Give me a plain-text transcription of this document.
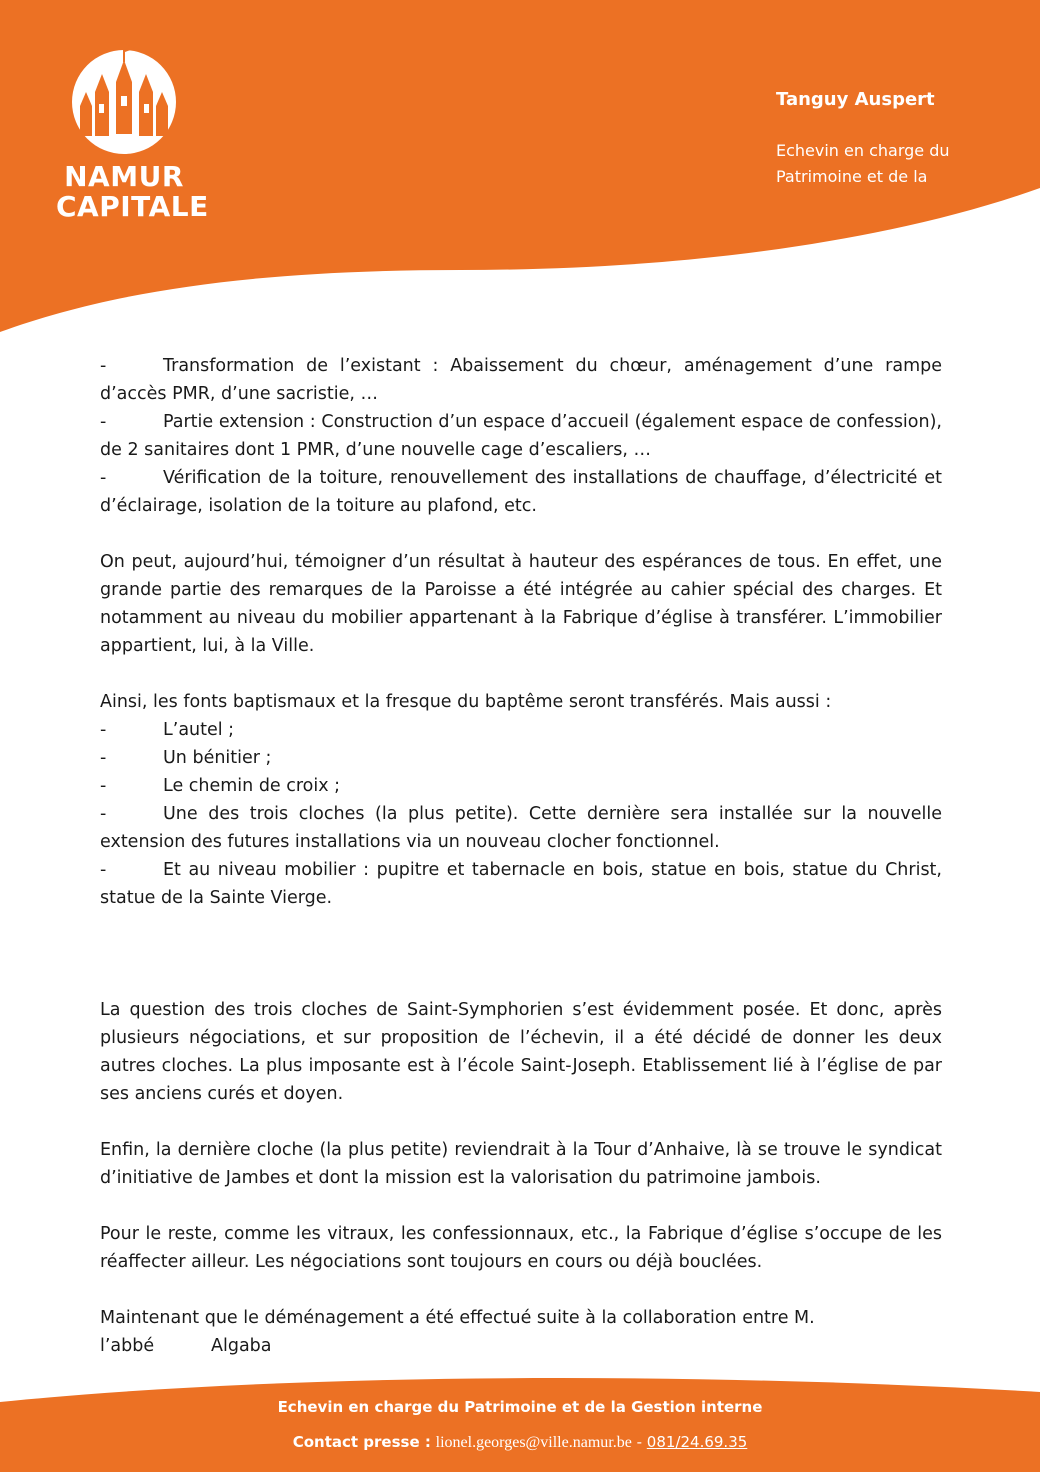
NAMUR
CAPITALE
Tanguy Auspert
Echevin en charge du
Patrimoine et de la

-	Transformation de l’existant : Abaissement du chœur, aménagement d’une rampe d’accès PMR, d’une sacristie, …

-	Partie extension : Construction d’un espace d’accueil (également espace de confession), de 2 sanitaires dont 1 PMR, d’une nouvelle cage d’escaliers, …

-	Vérification de la toiture, renouvellement des installations de chauffage, d’électricité et d’éclairage, isolation de la toiture au plafond, etc.

On peut, aujourd’hui, témoigner d’un résultat à hauteur des espérances de tous. En effet, une grande partie des remarques de la Paroisse a été intégrée au cahier spécial des charges. Et notamment au niveau du mobilier appartenant à la Fabrique d’église à transférer. L’immobilier appartient, lui, à la Ville.

Ainsi, les fonts baptismaux et la fresque du baptême seront transférés. Mais aussi :

-	L’autel ;

-	Un bénitier ;

-	Le chemin de croix ;

-	Une des trois cloches (la plus petite). Cette dernière sera installée sur la nouvelle extension des futures installations via un nouveau clocher fonctionnel.

-	Et au niveau mobilier : pupitre et tabernacle en bois, statue en bois, statue du Christ, statue de la Sainte Vierge.

La question des trois cloches de Saint-Symphorien s’est évidemment posée. Et donc, après plusieurs négociations, et sur proposition de l’échevin, il a été décidé de donner les deux autres cloches. La plus imposante est à l’école Saint-Joseph. Etablissement lié à l’église de par ses anciens curés et doyen.

Enfin, la dernière cloche (la plus petite) reviendrait à la Tour d’Anhaive, là se trouve le syndicat d’initiative de Jambes et dont la mission est la valorisation du patrimoine jambois.

Pour le reste, comme les vitraux, les confessionnaux, etc., la Fabrique d’église s’occupe de les réaffecter ailleur. Les négociations sont toujours en cours ou déjà bouclées.

Maintenant que le déménagement a été effectué suite à la collaboration entre M.

l’abbé	Algaba
Echevin en charge du Patrimoine et de la Gestion interne
Contact presse : lionel.georges@ville.namur.be - 081/24.69.35
